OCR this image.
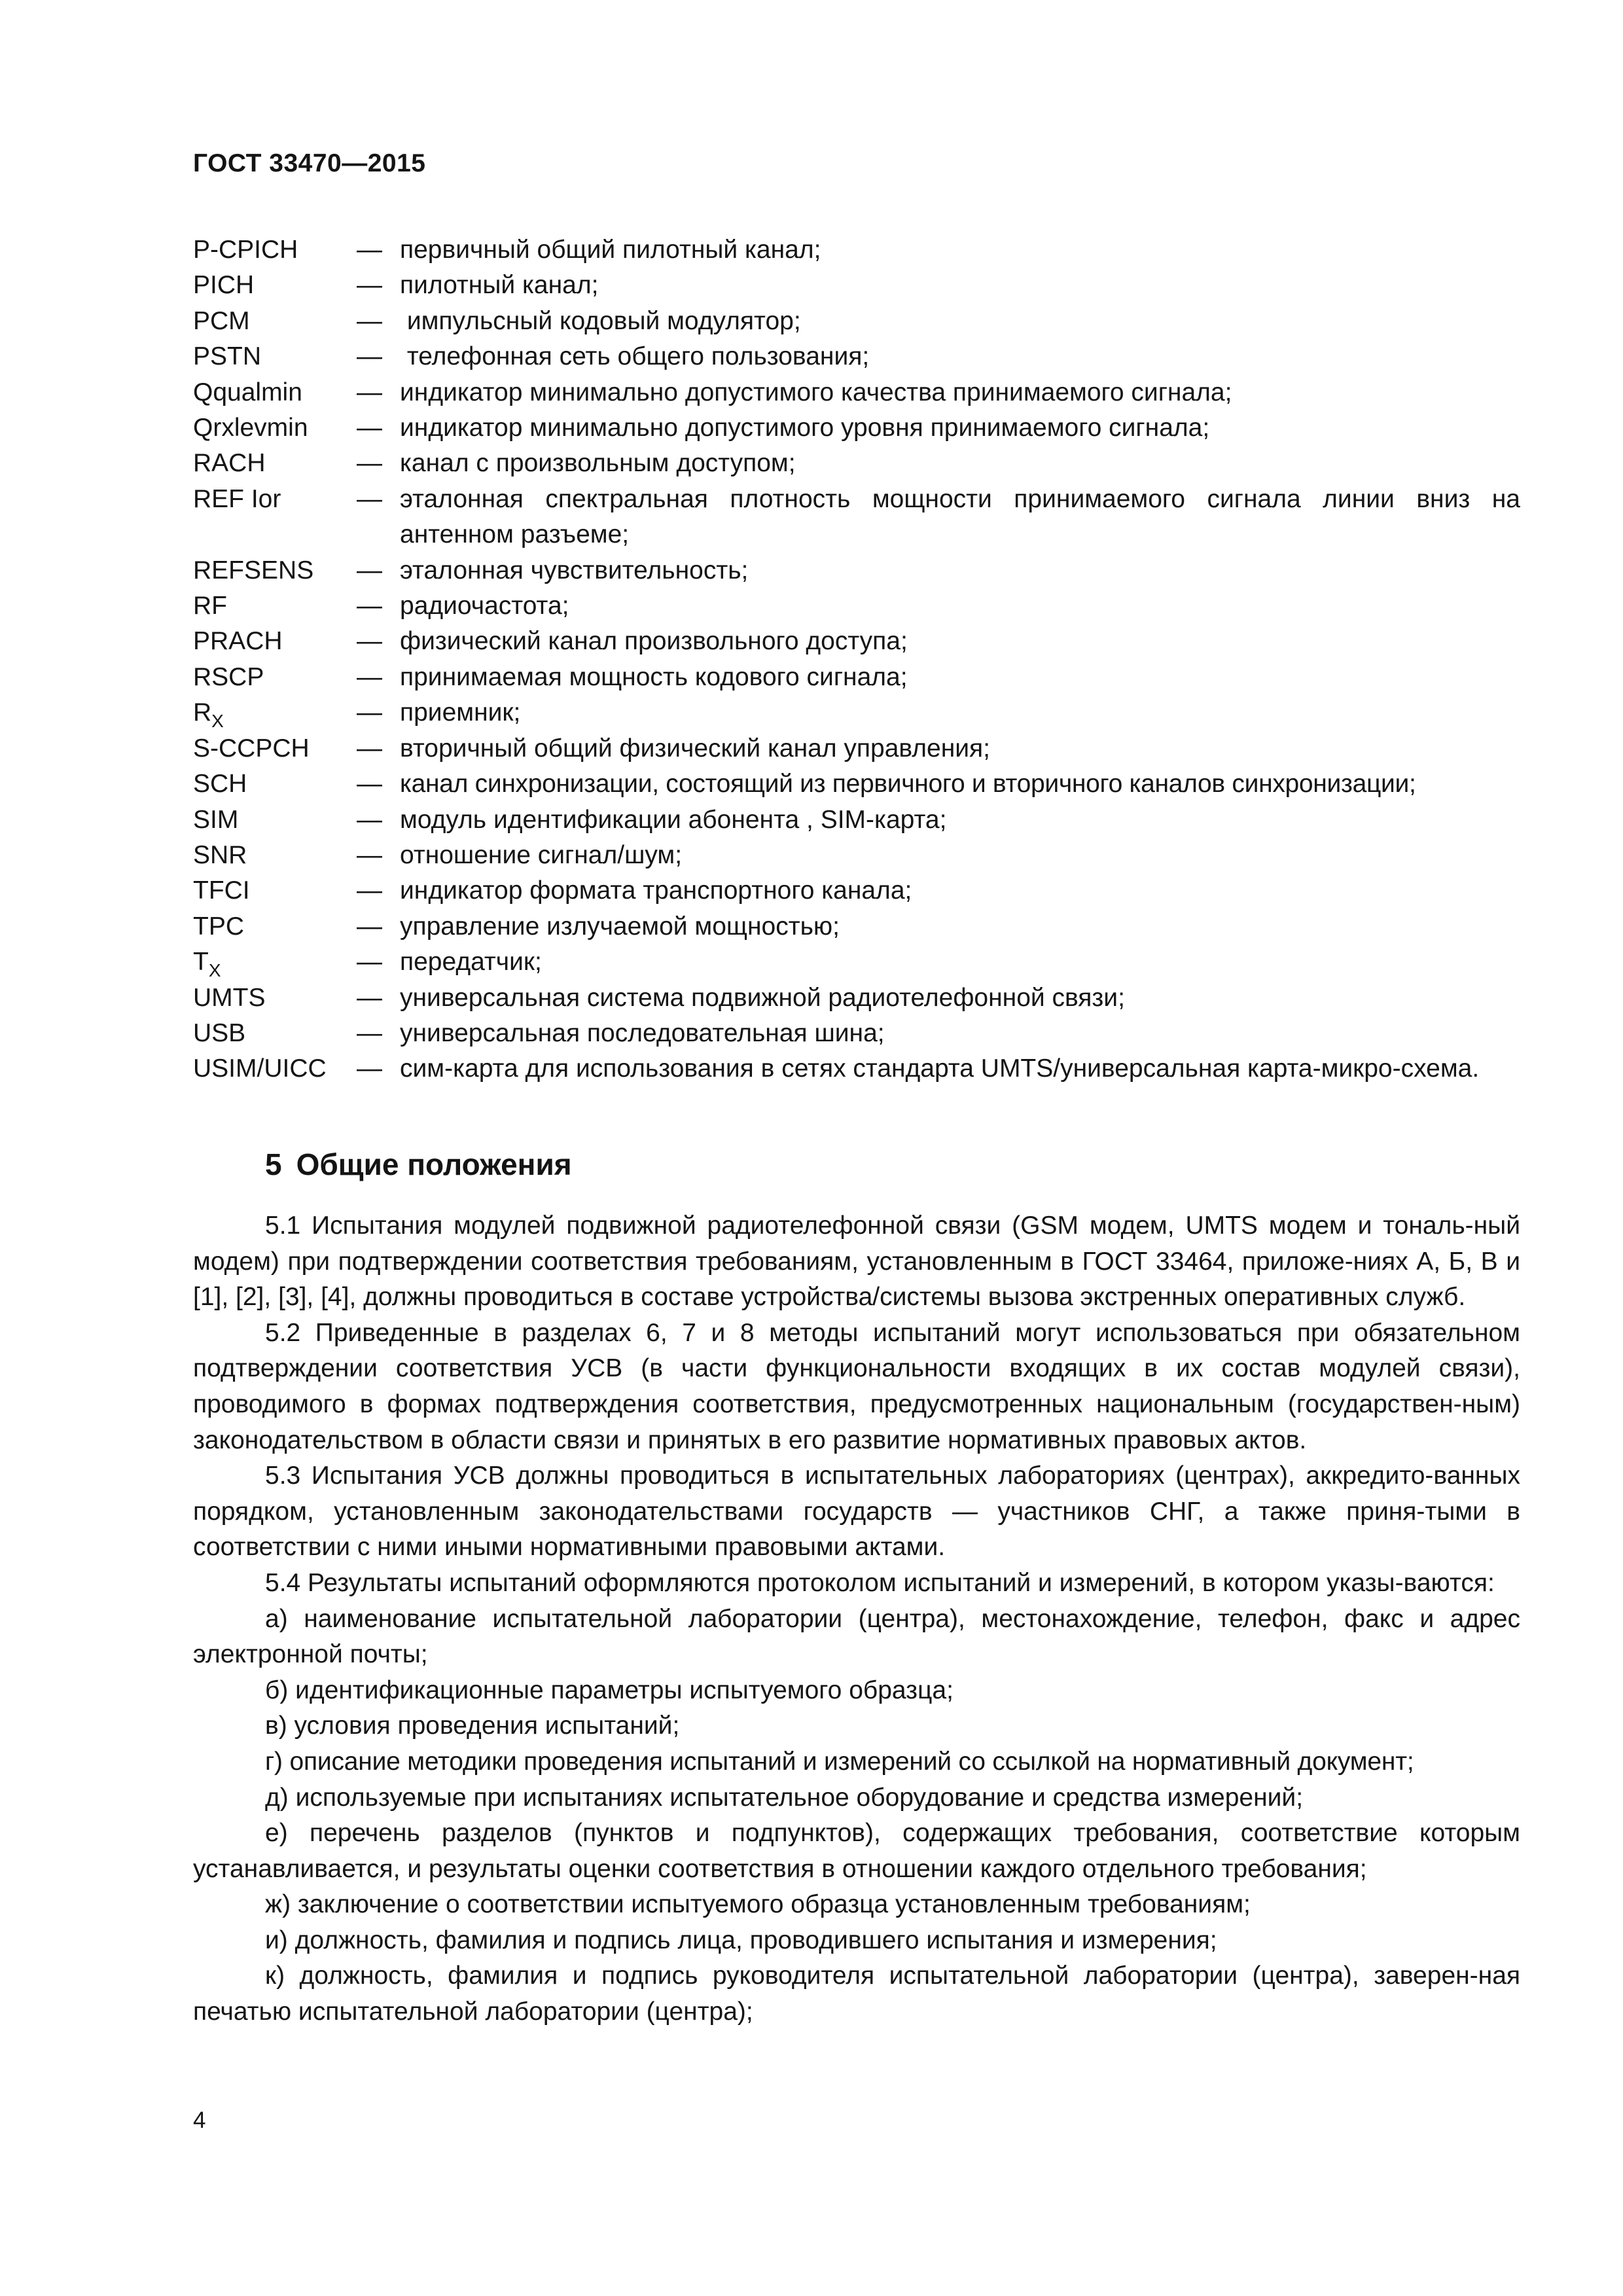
ГОСТ 33470—2015
P-CPICH	— первичный общий пилотный канал;
PICH	— пилотный канал;
PCM	— импульсный кодовый модулятор;
PSTN	— телефонная сеть общего пользования;
Qqualmin	— индикатор минимально допустимого качества принимаемого сигнала;
Qrxlevmin	— индикатор минимально допустимого уровня принимаемого сигнала;
RACH	— канал с произвольным доступом;
REF Ior	— эталонная спектральная плотность мощности принимаемого сигнала линии вниз на антенном разъеме;
REFSENS	— эталонная чувствительность;
RF	— радиочастота;
PRACH	— физический канал произвольного доступа;
RSCP	— принимаемая мощность кодового сигнала;
$R_X$	— приемник;
S-CCPCH	— вторичный общий физический канал управления;
SCH	— канал синхронизации, состоящий из первичного и вторичного каналов синхронизации;
SIM	— модуль идентификации абонента , SIM-карта;
SNR	— отношение сигнал/шум;
TFCI	— индикатор формата транспортного канала;
TPC	— управление излучаемой мощностью;
$T_X$	— передатчик;
UMTS	— универсальная система подвижной радиотелефонной связи;
USB	— универсальная последовательная шина;
USIM/UICC	— сим-карта для использования в сетях стандарта UMTS/универсальная карта-микро-схема.
5 Общие положения

5.1 Испытания модулей подвижной радиотелефонной связи (GSM модем, UMTS модем и тональ-ный модем) при подтверждении соответствия требованиям, установленным в ГОСТ 33464, приложе-ниях А, Б, В и [1], [2], [3], [4], должны проводиться в составе устройства/системы вызова экстренных оперативных служб.

5.2 Приведенные в разделах 6, 7 и 8 методы испытаний могут использоваться при обязательном подтверждении соответствия УСВ (в части функциональности входящих в их состав модулей связи), проводимого в формах подтверждения соответствия, предусмотренных национальным (государствен-ным) законодательством в области связи и принятых в его развитие нормативных правовых актов.

5.3 Испытания УСВ должны проводиться в испытательных лабораториях (центрах), аккредито-ванных порядком, установленным законодательствами государств — участников СНГ, а также приня-тыми в соответствии с ними иными нормативными правовыми актами.

5.4 Результаты испытаний оформляются протоколом испытаний и измерений, в котором указы-ваются:

а) наименование испытательной лаборатории (центра), местонахождение, телефон, факс и адрес электронной почты;

б) идентификационные параметры испытуемого образца;

в) условия проведения испытаний;

г) описание методики проведения испытаний и измерений со ссылкой на нормативный документ;

д) используемые при испытаниях испытательное оборудование и средства измерений;

е) перечень разделов (пунктов и подпунктов), содержащих требования, соответствие которым устанавливается, и результаты оценки соответствия в отношении каждого отдельного требования;

ж) заключение о соответствии испытуемого образца установленным требованиям;

и) должность, фамилия и подпись лица, проводившего испытания и измерения;

к) должность, фамилия и подпись руководителя испытательной лаборатории (центра), заверен-ная печатью испытательной лаборатории (центра);

4
